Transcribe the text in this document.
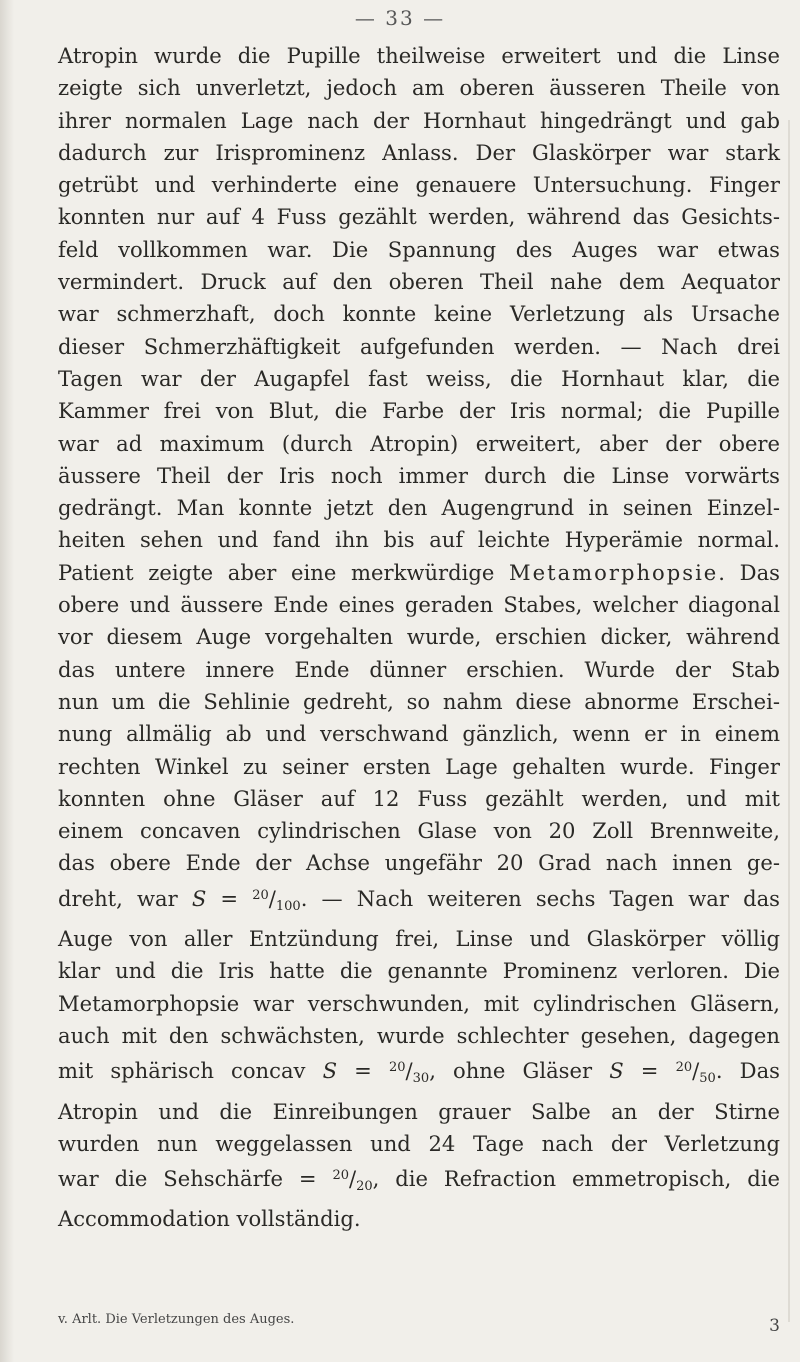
— 33 —
Atropin wurde die Pupille theilweise erweitert und die Linse
zeigte sich unverletzt, jedoch am oberen äusseren Theile von
ihrer normalen Lage nach der Hornhaut hingedrängt und gab
dadurch zur Irisprominenz Anlass. Der Glaskörper war stark
getrübt und verhinderte eine genauere Untersuchung. Finger
konnten nur auf 4 Fuss gezählt werden, während das Gesichts-
feld vollkommen war. Die Spannung des Auges war etwas
vermindert. Druck auf den oberen Theil nahe dem Aequator
war schmerzhaft, doch konnte keine Verletzung als Ursache
dieser Schmerzhäftigkeit aufgefunden werden. — Nach drei
Tagen war der Augapfel fast weiss, die Hornhaut klar, die
Kammer frei von Blut, die Farbe der Iris normal; die Pupille
war ad maximum (durch Atropin) erweitert, aber der obere
äussere Theil der Iris noch immer durch die Linse vorwärts
gedrängt. Man konnte jetzt den Augengrund in seinen Einzel-
heiten sehen und fand ihn bis auf leichte Hyperämie normal.
Patient zeigte aber eine merkwürdige Metamorphopsie. Das
obere und äussere Ende eines geraden Stabes, welcher diagonal
vor diesem Auge vorgehalten wurde, erschien dicker, während
das untere innere Ende dünner erschien. Wurde der Stab
nun um die Sehlinie gedreht, so nahm diese abnorme Erschei-
nung allmälig ab und verschwand gänzlich, wenn er in einem
rechten Winkel zu seiner ersten Lage gehalten wurde. Finger
konnten ohne Gläser auf 12 Fuss gezählt werden, und mit
einem concaven cylindrischen Glase von 20 Zoll Brennweite,
das obere Ende der Achse ungefähr 20 Grad nach innen ge-
dreht, war $S = ^{20}/_{100}$. — Nach weiteren sechs Tagen war das
Auge von aller Entzündung frei, Linse und Glaskörper völlig
klar und die Iris hatte die genannte Prominenz verloren. Die
Metamorphopsie war verschwunden, mit cylindrischen Gläsern,
auch mit den schwächsten, wurde schlechter gesehen, dagegen
mit sphärisch concav $S = ^{20}/_{30}$, ohne Gläser $S = ^{20}/_{50}$. Das
Atropin und die Einreibungen grauer Salbe an der Stirne
wurden nun weggelassen und 24 Tage nach der Verletzung
war die Sehschärfe = $^{20}/_{20}$, die Refraction emmetropisch, die
Accommodation vollständig.
v. Arlt. Die Verletzungen des Auges.	3
